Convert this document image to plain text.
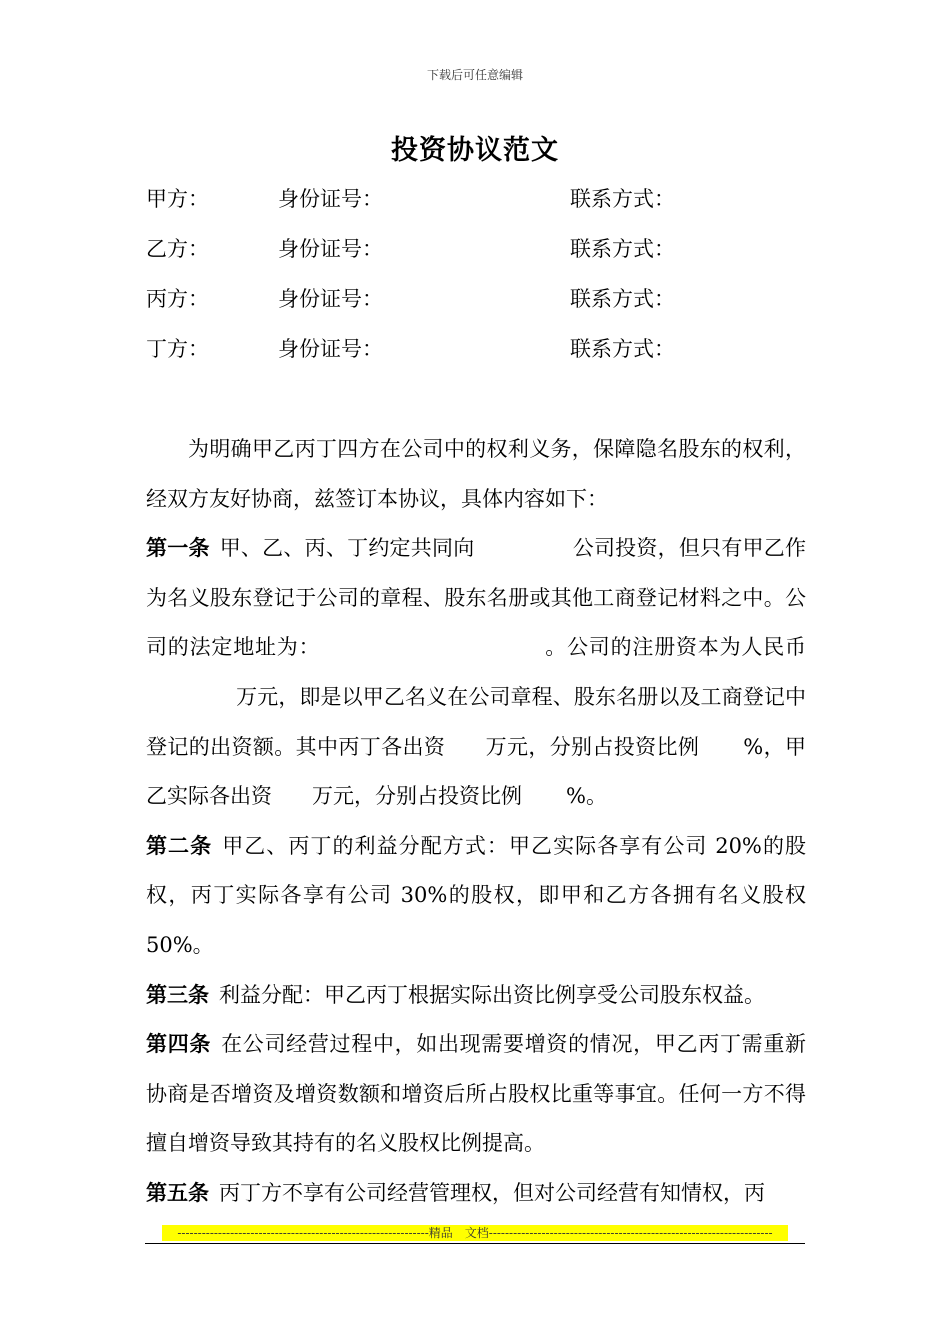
下载后可任意编辑
投资协议范文
甲方：	身份证号：	联系方式：
乙方：	身份证号：	联系方式：
丙方：	身份证号：	联系方式：
丁方：	身份证号：	联系方式：

为明确甲乙丙丁四方在公司中的权利义务，保障隐名股东的权利，经双方友好协商，兹签订本协议，具体内容如下：

第一条 甲、乙、丙、丁约定共同向	公司投资，但只有甲乙作为名义股东登记于公司的章程、股东名册或其他工商登记材料之中。公司的法定地址为：	。公司的注册资本为人民币万元，即是以甲乙名义在公司章程、股东名册以及工商登记中登记的出资额。其中丙丁各出资 万元，分别占投资比例 %，甲乙实际各出资 万元，分别占投资比例 %。

第二条 甲乙、丙丁的利益分配方式：甲乙实际各享有公司 20%的股权，丙丁实际各享有公司 30%的股权，即甲和乙方各拥有名义股权 50%。

第三条 利益分配：甲乙丙丁根据实际出资比例享受公司股东权益。

第四条 在公司经营过程中，如出现需要增资的情况，甲乙丙丁需重新协商是否增资及增资数额和增资后所占股权比重等事宜。任何一方不得擅自增资导致其持有的名义股权比例提高。

第五条 丙丁方不享有公司经营管理权，但对公司经营有知情权，丙

--------------------------------------------------------------精品　文档----------------------------------------------------------------------
